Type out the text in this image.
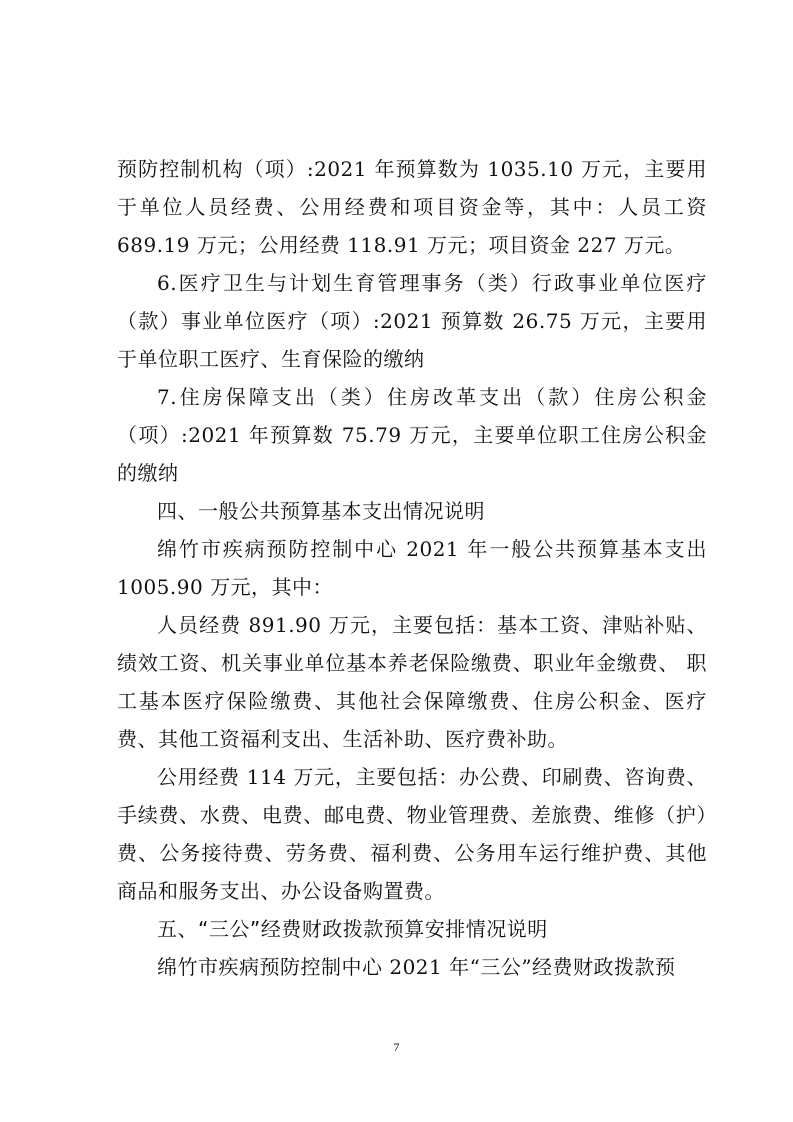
预防控制机构（项）:2021 年预算数为 1035.10 万元，主要用于单位人员经费、公用经费和项目资金等，其中：人员工资 689.19 万元；公用经费 118.91 万元；项目资金 227 万元。

6.医疗卫生与计划生育管理事务（类）行政事业单位医疗（款）事业单位医疗（项）:2021 预算数 26.75 万元，主要用于单位职工医疗、生育保险的缴纳

7.住房保障支出（类）住房改革支出（款）住房公积金（项）:2021 年预算数 75.79 万元，主要单位职工住房公积金的缴纳

四、一般公共预算基本支出情况说明

绵竹市疾病预防控制中心 2021 年一般公共预算基本支出 1005.90 万元，其中：

人员经费 891.90 万元，主要包括：基本工资、津贴补贴、绩效工资、机关事业单位基本养老保险缴费、职业年金缴费、 职工基本医疗保险缴费、其他社会保障缴费、住房公积金、医疗费、其他工资福利支出、生活补助、医疗费补助。

公用经费 114 万元，主要包括：办公费、印刷费、咨询费、手续费、水费、电费、邮电费、物业管理费、差旅费、维修（护）费、公务接待费、劳务费、福利费、公务用车运行维护费、其他商品和服务支出、办公设备购置费。

五、“三公”经费财政拨款预算安排情况说明

绵竹市疾病预防控制中心 2021 年“三公”经费财政拨款预

7
